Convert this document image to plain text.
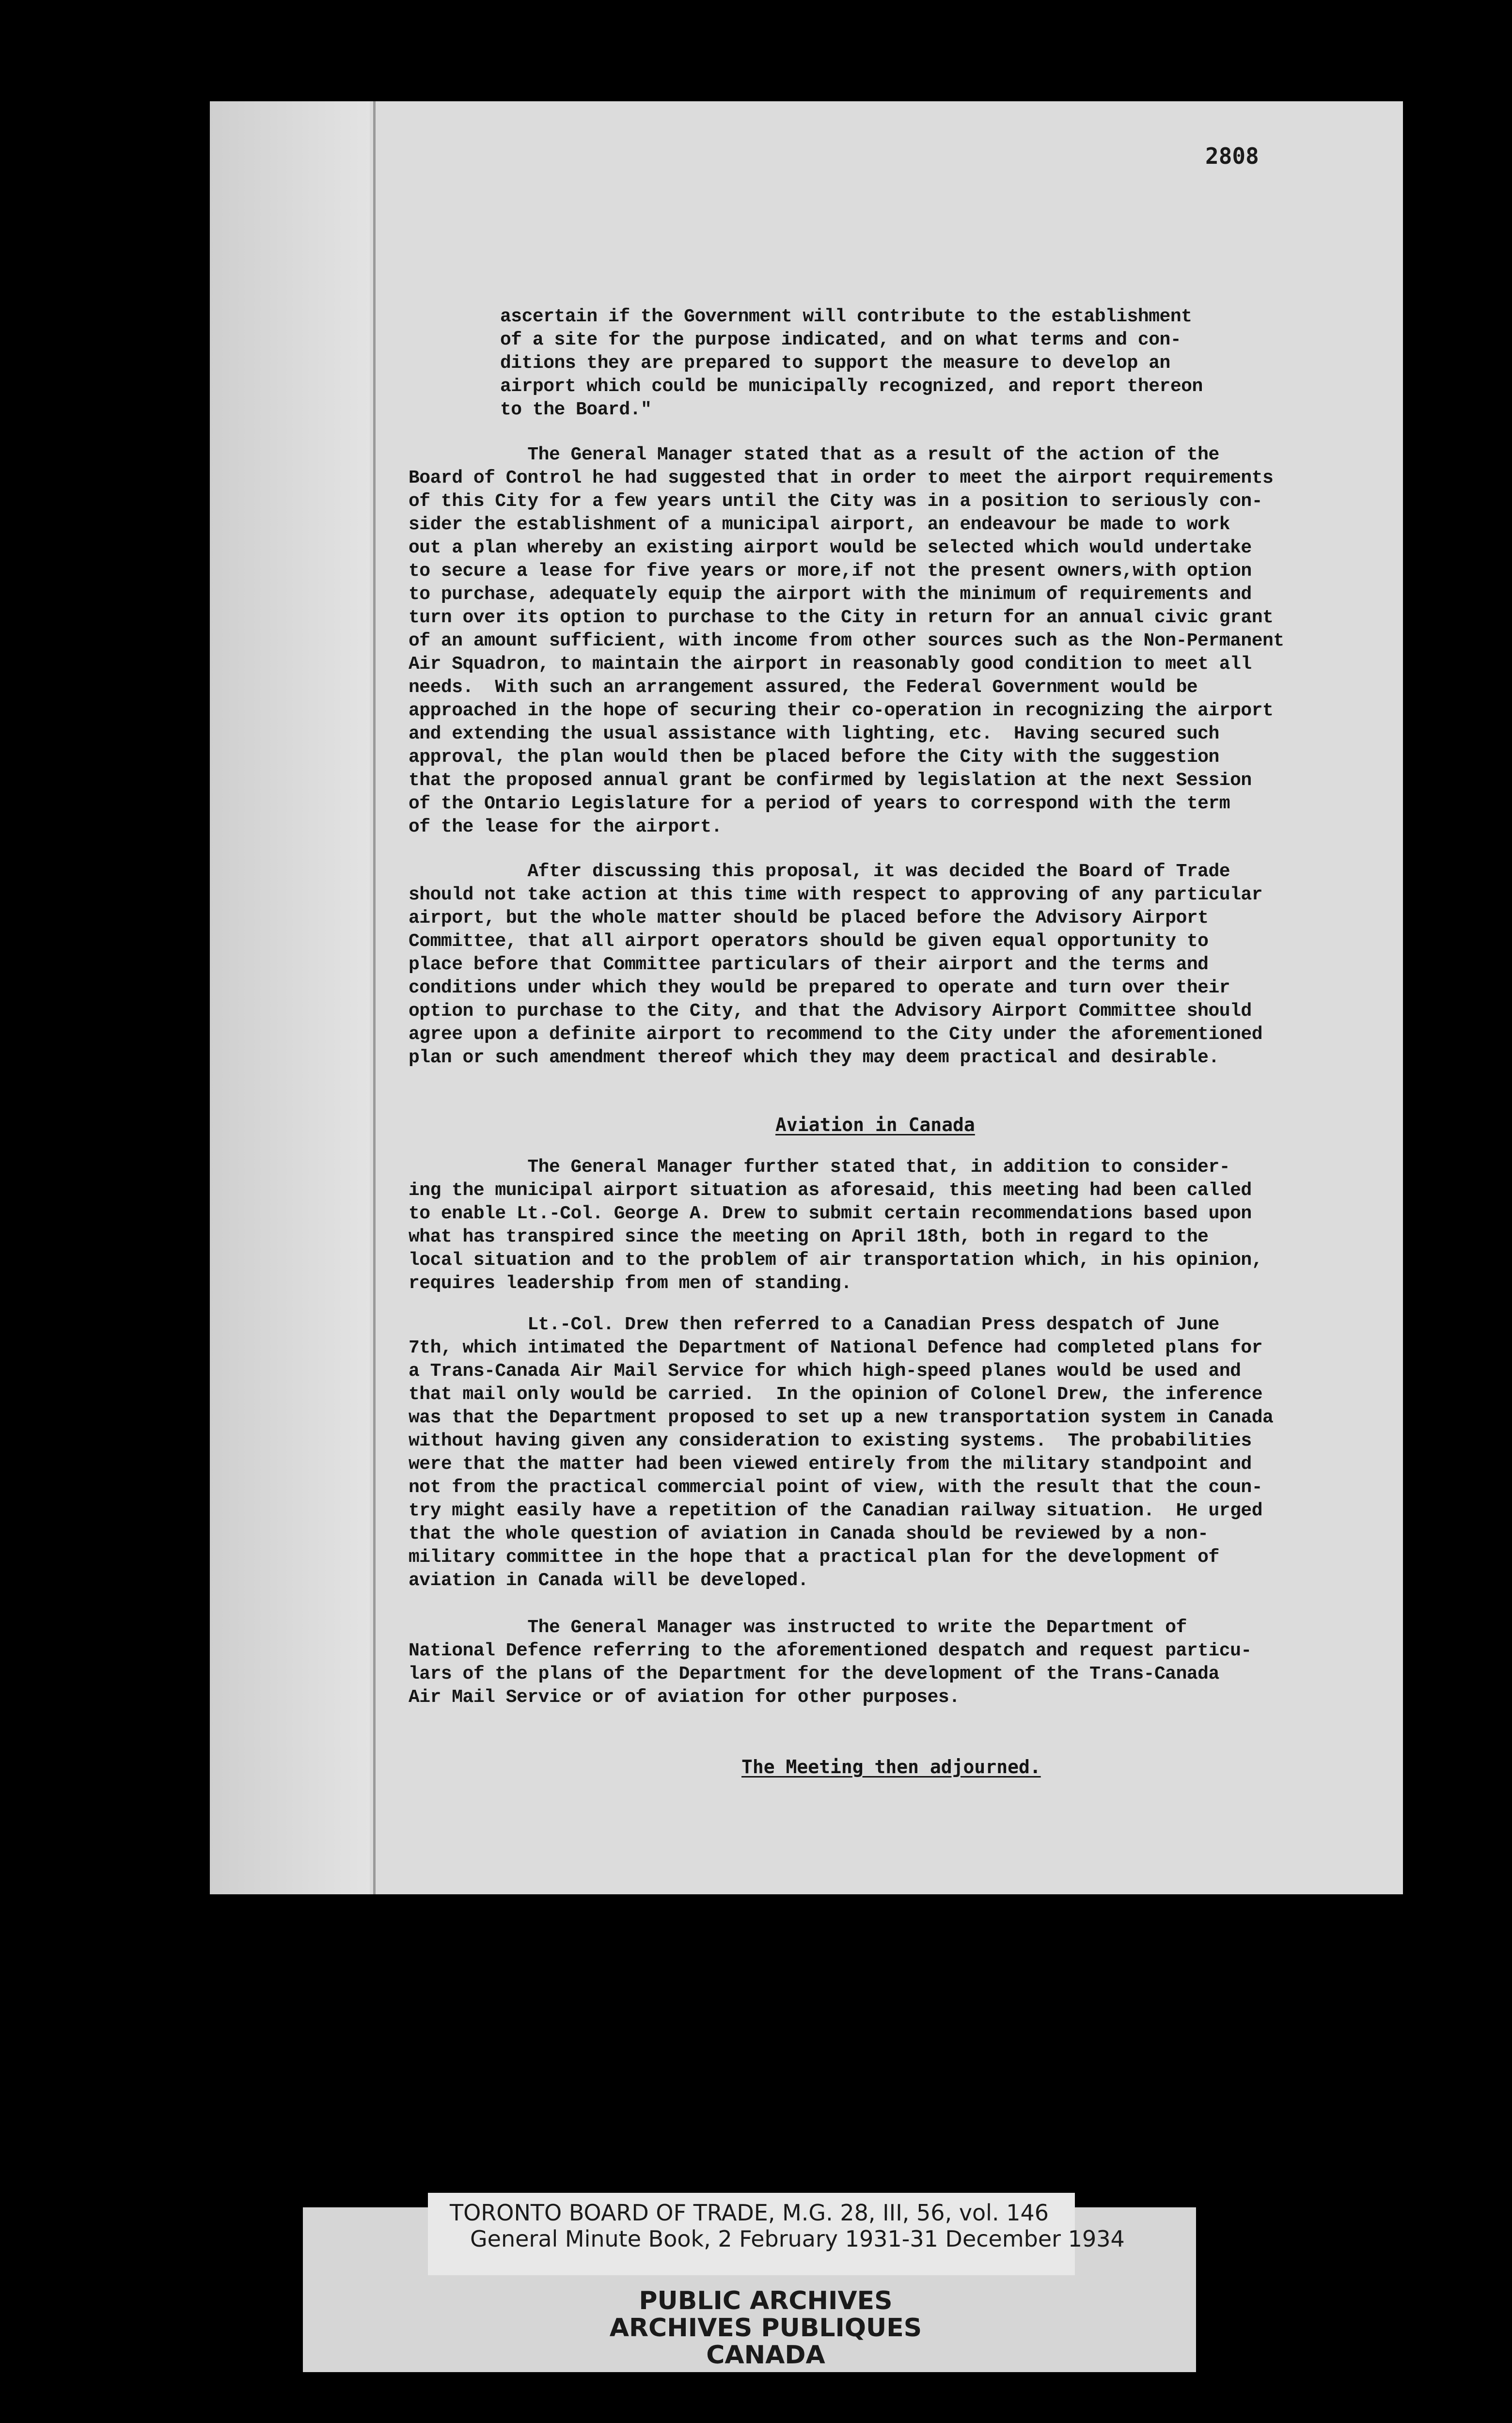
2808
ascertain if the Government will contribute to the establishment
of a site for the purpose indicated, and on what terms and con-
ditions they are prepared to support the measure to develop an
airport which could be municipally recognized, and report thereon
to the Board."
The General Manager stated that as a result of the action of the
Board of Control he had suggested that in order to meet the airport requirements
of this City for a few years until the City was in a position to seriously con-
sider the establishment of a municipal airport, an endeavour be made to work
out a plan whereby an existing airport would be selected which would undertake
to secure a lease for five years or more,if not the present owners,with option
to purchase, adequately equip the airport with the minimum of requirements and
turn over its option to purchase to the City in return for an annual civic grant
of an amount sufficient, with income from other sources such as the Non-Permanent
Air Squadron, to maintain the airport in reasonably good condition to meet all
needs.  With such an arrangement assured, the Federal Government would be
approached in the hope of securing their co-operation in recognizing the airport
and extending the usual assistance with lighting, etc.  Having secured such
approval, the plan would then be placed before the City with the suggestion
that the proposed annual grant be confirmed by legislation at the next Session
of the Ontario Legislature for a period of years to correspond with the term
of the lease for the airport.
After discussing this proposal, it was decided the Board of Trade
should not take action at this time with respect to approving of any particular
airport, but the whole matter should be placed before the Advisory Airport
Committee, that all airport operators should be given equal opportunity to
place before that Committee particulars of their airport and the terms and
conditions under which they would be prepared to operate and turn over their
option to purchase to the City, and that the Advisory Airport Committee should
agree upon a definite airport to recommend to the City under the aforementioned
plan or such amendment thereof which they may deem practical and desirable.
Aviation in Canada
The General Manager further stated that, in addition to consider-
ing the municipal airport situation as aforesaid, this meeting had been called
to enable Lt.-Col. George A. Drew to submit certain recommendations based upon
what has transpired since the meeting on April 18th, both in regard to the
local situation and to the problem of air transportation which, in his opinion,
requires leadership from men of standing.
Lt.-Col. Drew then referred to a Canadian Press despatch of June
7th, which intimated the Department of National Defence had completed plans for
a Trans-Canada Air Mail Service for which high-speed planes would be used and
that mail only would be carried.  In the opinion of Colonel Drew, the inference
was that the Department proposed to set up a new transportation system in Canada
without having given any consideration to existing systems.  The probabilities
were that the matter had been viewed entirely from the military standpoint and
not from the practical commercial point of view, with the result that the coun-
try might easily have a repetition of the Canadian railway situation.  He urged
that the whole question of aviation in Canada should be reviewed by a non-
military committee in the hope that a practical plan for the development of
aviation in Canada will be developed.
The General Manager was instructed to write the Department of
National Defence referring to the aforementioned despatch and request particu-
lars of the plans of the Department for the development of the Trans-Canada
Air Mail Service or of aviation for other purposes.
The Meeting then adjourned.
TORONTO BOARD OF TRADE, M.G. 28, III, 56, vol. 146
General Minute Book, 2 February 1931-31 December 1934
PUBLIC ARCHIVES
ARCHIVES PUBLIQUES
CANADA
